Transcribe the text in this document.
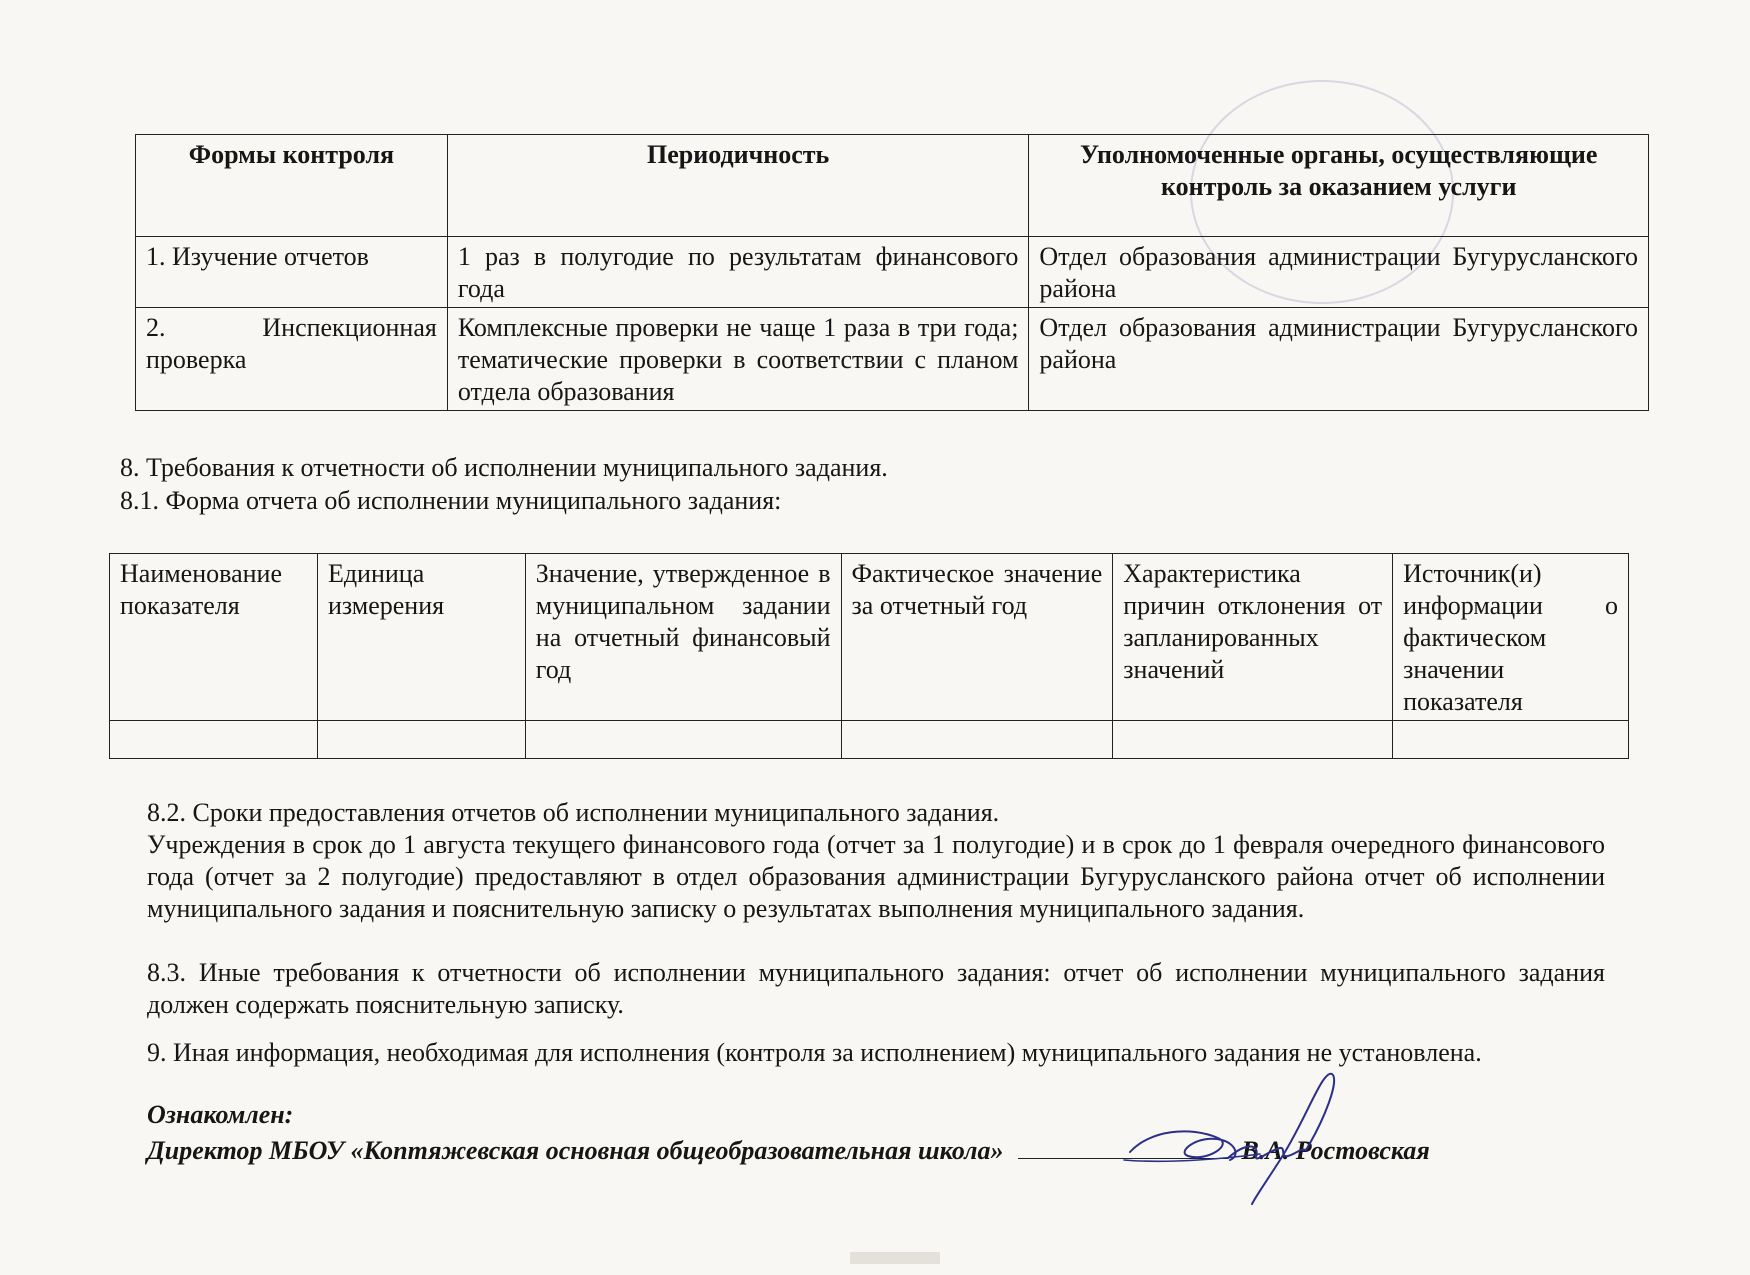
Формы контроля	Периодичность	Уполномоченные органы, осуществляющие контроль за оказанием услуги
1. Изучение отчетов	1 раз в полугодие по результатам финансового года	Отдел образования администрации Бугурусланского района
2. Инспекционная проверка	Комплексные проверки не чаще 1 раза в три года; тематические проверки в соответствии с планом отдела образования	Отдел образования администрации Бугурусланского района
8. Требования к отчетности об исполнении муниципального задания.
8.1. Форма отчета об исполнении муниципального задания:
Наименование показателя	Единица измерения	Значение, утвержденное в муниципальном задании на отчетный финансовый год	Фактическое значение за отчетный год	Характеристика причин отклонения от запланированных значений	Источник(и) информации о фактическом значении показателя

8.2. Сроки предоставления отчетов об исполнении муниципального задания.
Учреждения в срок до 1 августа текущего финансового года (отчет за 1 полугодие) и в срок до 1 февраля очередного финансового года (отчет за 2 полугодие) предоставляют в отдел образования администрации Бугурусланского района отчет об исполнении муниципального задания и пояснительную записку о результатах выполнения муниципального задания.
8.3. Иные требования к отчетности об исполнении муниципального задания: отчет об исполнении муниципального задания должен содержать пояснительную записку.
9. Иная информация, необходимая для исполнения (контроля за исполнением) муниципального задания не установлена.
Ознакомлен:
Директор МБОУ «Коптяжевская основная общеобразовательная школа»	В.А. Ростовская
